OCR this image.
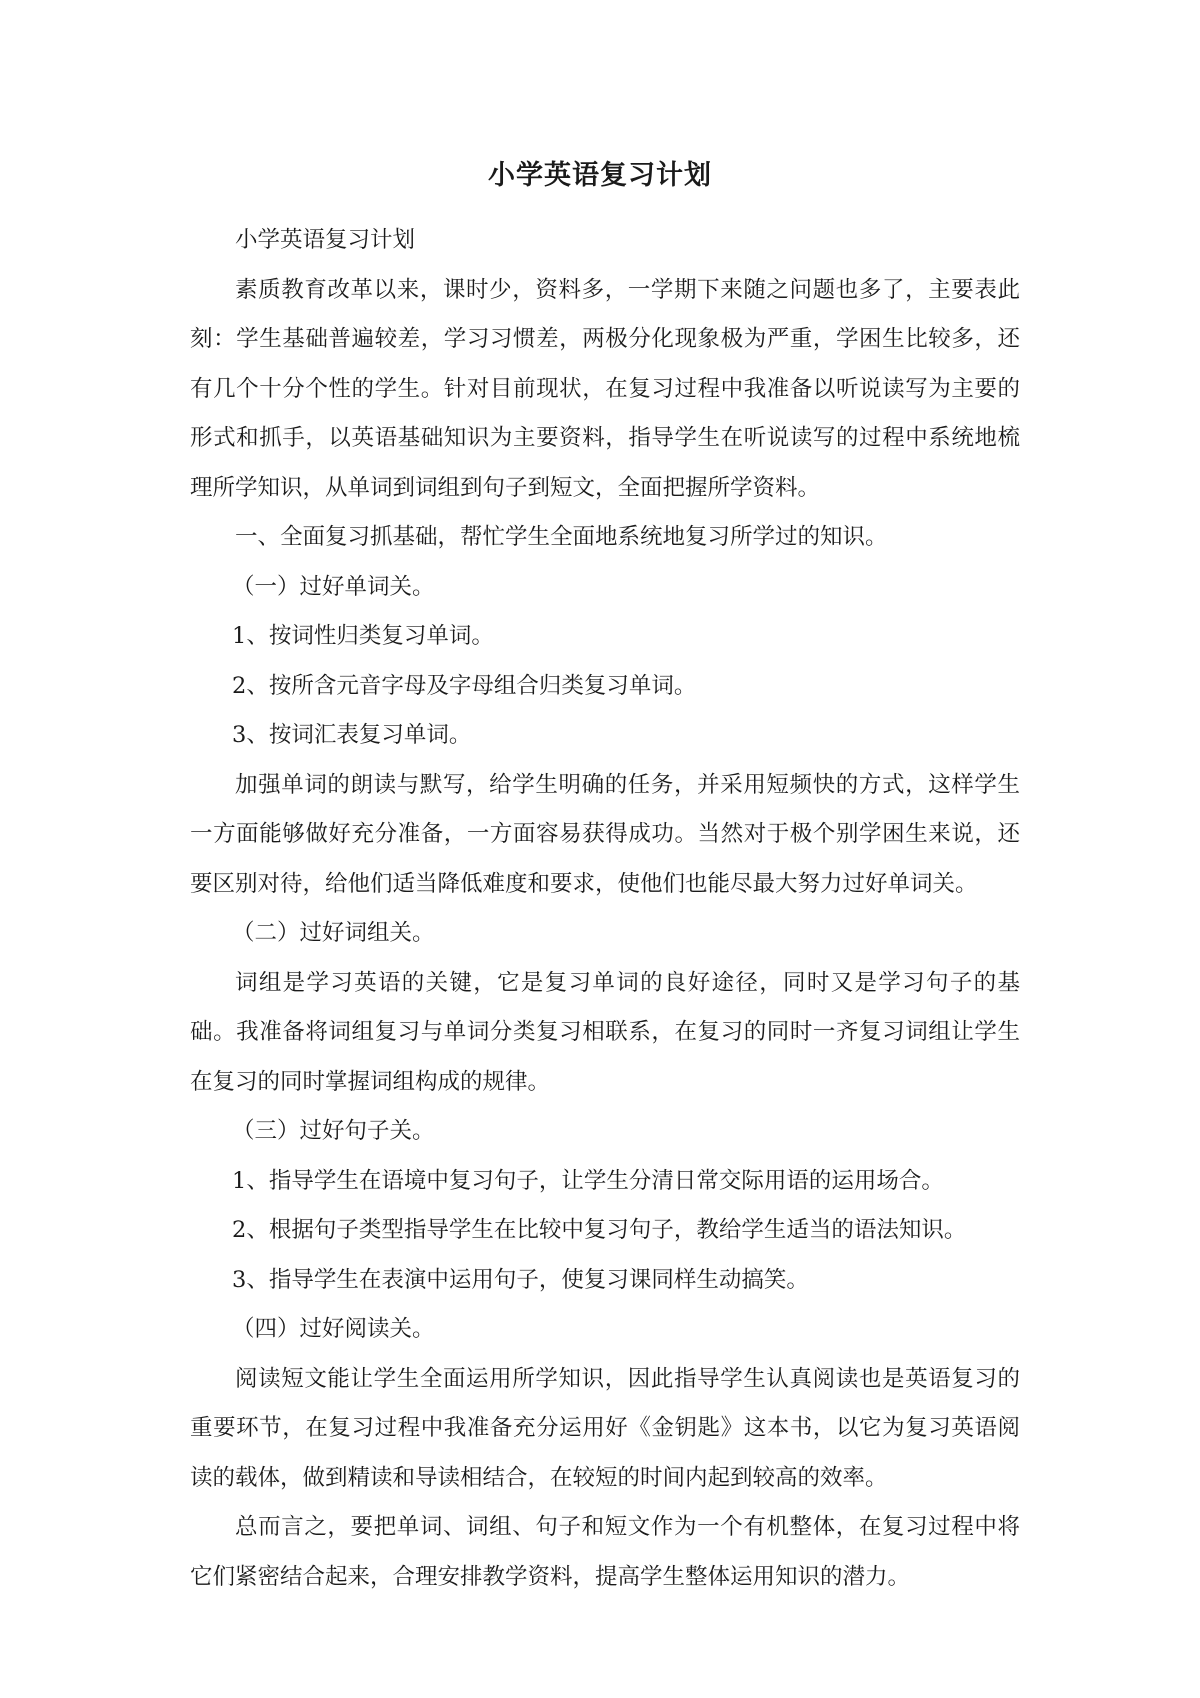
小学英语复习计划

小学英语复习计划

素质教育改革以来，课时少，资料多，一学期下来随之问题也多了，主要表此刻：学生基础普遍较差，学习习惯差，两极分化现象极为严重，学困生比较多，还有几个十分个性的学生。针对目前现状，在复习过程中我准备以听说读写为主要的形式和抓手，以英语基础知识为主要资料，指导学生在听说读写的过程中系统地梳理所学知识，从单词到词组到句子到短文，全面把握所学资料。

一、全面复习抓基础，帮忙学生全面地系统地复习所学过的知识。

（一）过好单词关。

1、按词性归类复习单词。

2、按所含元音字母及字母组合归类复习单词。

3、按词汇表复习单词。

加强单词的朗读与默写，给学生明确的任务，并采用短频快的方式，这样学生一方面能够做好充分准备，一方面容易获得成功。当然对于极个别学困生来说，还要区别对待，给他们适当降低难度和要求，使他们也能尽最大努力过好单词关。

（二）过好词组关。

词组是学习英语的关键，它是复习单词的良好途径，同时又是学习句子的基础。我准备将词组复习与单词分类复习相联系，在复习的同时一齐复习词组让学生在复习的同时掌握词组构成的规律。

（三）过好句子关。

1、指导学生在语境中复习句子，让学生分清日常交际用语的运用场合。

2、根据句子类型指导学生在比较中复习句子，教给学生适当的语法知识。

3、指导学生在表演中运用句子，使复习课同样生动搞笑。

（四）过好阅读关。

阅读短文能让学生全面运用所学知识，因此指导学生认真阅读也是英语复习的重要环节，在复习过程中我准备充分运用好《金钥匙》这本书，以它为复习英语阅读的载体，做到精读和导读相结合，在较短的时间内起到较高的效率。

总而言之，要把单词、词组、句子和短文作为一个有机整体，在复习过程中将它们紧密结合起来，合理安排教学资料，提高学生整体运用知识的潜力。
